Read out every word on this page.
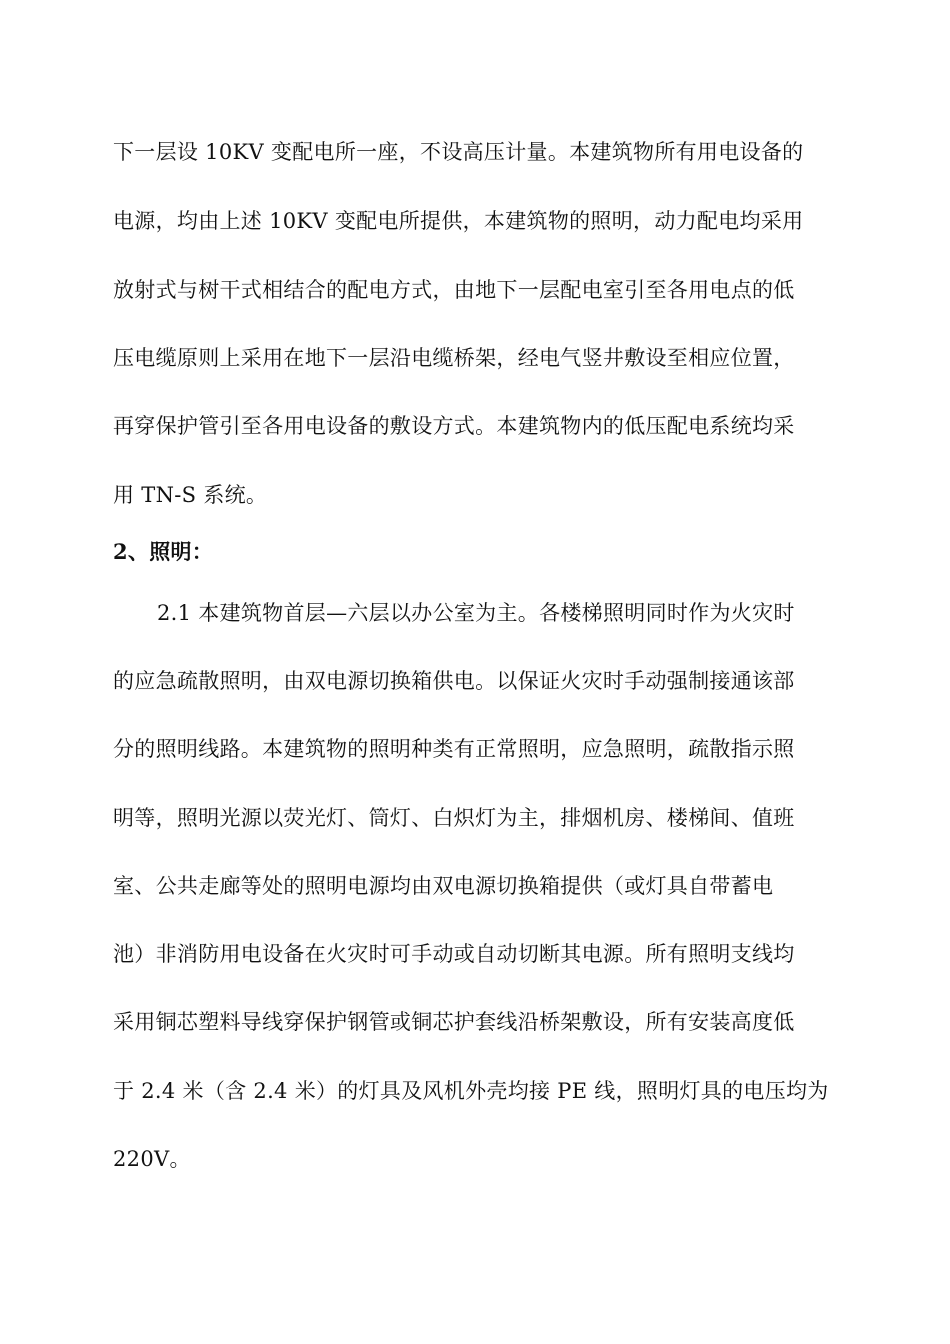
下一层设 10KV 变配电所一座，不设高压计量。本建筑物所有用电设备的
电源，均由上述 10KV 变配电所提供，本建筑物的照明，动力配电均采用
放射式与树干式相结合的配电方式，由地下一层配电室引至各用电点的低
压电缆原则上采用在地下一层沿电缆桥架，经电气竖井敷设至相应位置，
再穿保护管引至各用电设备的敷设方式。本建筑物内的低压配电系统均采
用 TN-S 系统。
2、照明：
2.1 本建筑物首层—六层以办公室为主。各楼梯照明同时作为火灾时
的应急疏散照明，由双电源切换箱供电。以保证火灾时手动强制接通该部
分的照明线路。本建筑物的照明种类有正常照明，应急照明，疏散指示照
明等，照明光源以荧光灯、筒灯、白炽灯为主，排烟机房、楼梯间、值班
室、公共走廊等处的照明电源均由双电源切换箱提供（或灯具自带蓄电
池）非消防用电设备在火灾时可手动或自动切断其电源。所有照明支线均
采用铜芯塑料导线穿保护钢管或铜芯护套线沿桥架敷设，所有安装高度低
于 2.4 米（含 2.4 米）的灯具及风机外壳均接 PE 线，照明灯具的电压均为
220V。
